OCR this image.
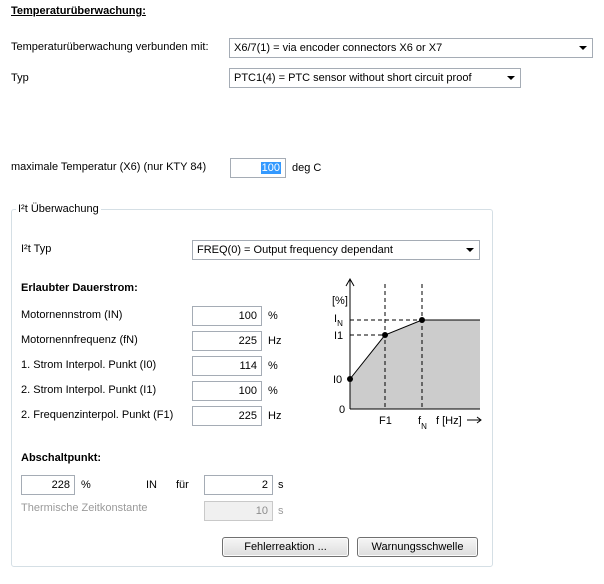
Temperaturüberwachung:
Temperaturüberwachung verbunden mit:	X6/7(1) = via encoder connectors X6 or X7
Typ	PTC1(4) = PTC sensor without short circuit proof
maximale Temperatur (X6) (nur KTY 84)	100	deg C
I²t Überwachung
I²t Typ	FREQ(0) = Output frequency dependant
Erlaubter Dauerstrom:
Motornennstrom (IN)	100	%
Motornennfrequenz (fN)	225	Hz
1. Strom Interpol. Punkt (I0)	114	%
2. Strom Interpol. Punkt (I1)	100	%
2. Frequenzinterpol. Punkt (F1)	225	Hz
[%]
$I_N$
I1
I0
0
F1 $f_N$ f [Hz]
Abschaltpunkt:
228	%	IN für	2 s
Thermische Zeitkonstante	10 s
Fehlerreaktion ...	Warnungsschwelle
